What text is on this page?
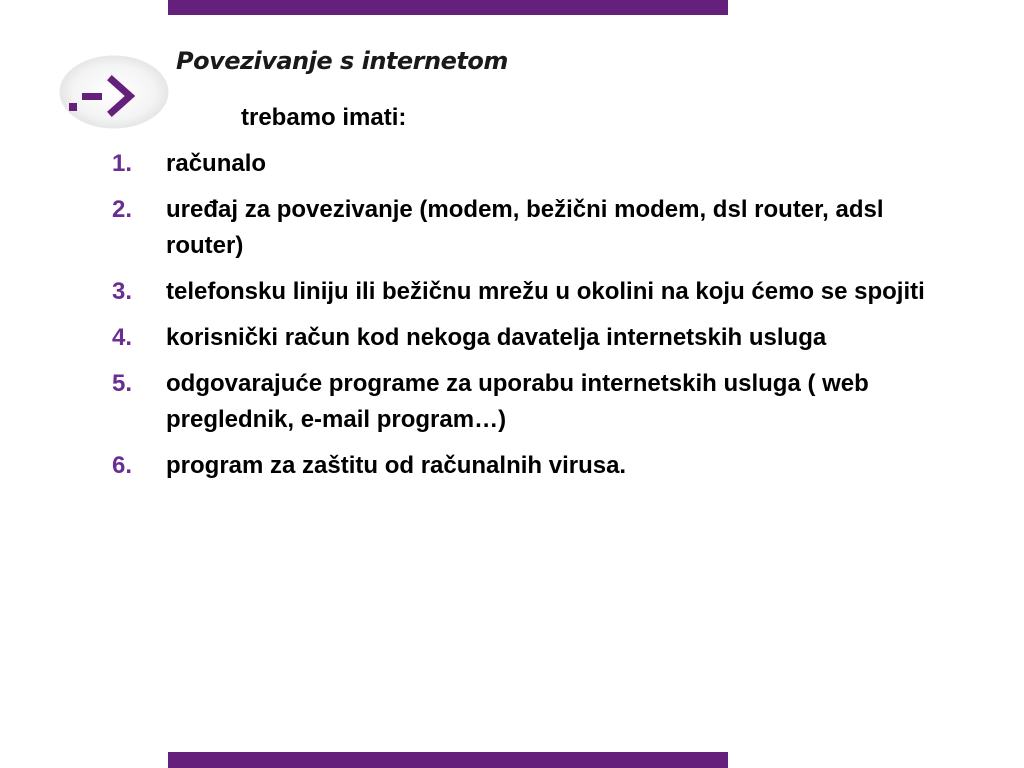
Povezivanje s internetom
trebamo imati:
1.	računalo
2.	uređaj za povezivanje (modem, bežični modem, dsl router, adsl router)
3.	telefonsku liniju ili bežičnu mrežu u okolini na koju ćemo se spojiti
4.	korisnički račun kod nekoga davatelja internetskih usluga
5.	odgovarajuće programe za uporabu internetskih usluga ( web preglednik, e-mail program…)
6.	program za zaštitu od računalnih virusa.
